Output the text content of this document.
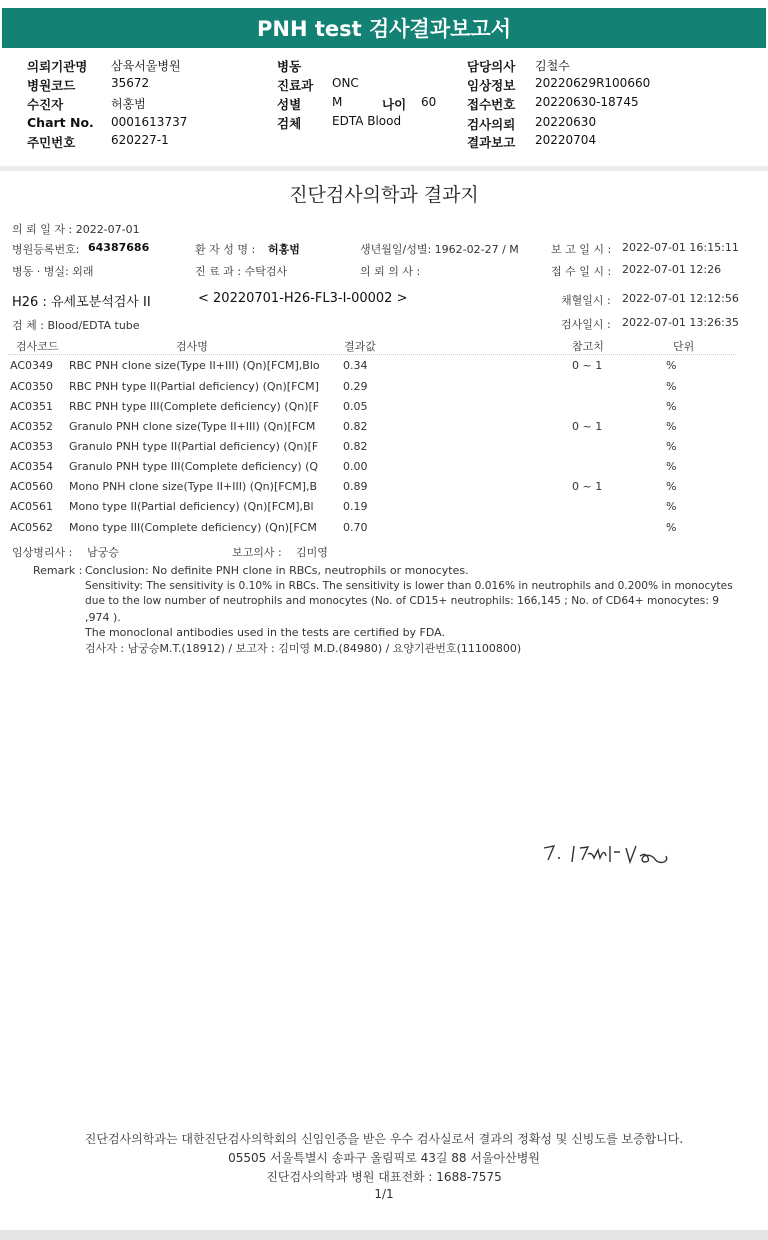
PNH test 검사결과보고서
의뢰기관명 삼육서울병원
병원코드	35672
수진자	허홍범
Chart No. 0001613737
주민번호	620227-1
병동
진료과 ONC
성별	M	나이 60
검체	EDTA Blood
담당의사 김철수
임상정보 20220629R100660
접수번호 20220630-18745
검사의뢰 20220630
결과보고 20220704
진단검사의학과 결과지
의 뢰 일 자 : 2022-07-01
병원등록번호: 64387686	환 자 성 명 : 허홍범	생년월일/성별: 1962-02-27 / M	보 고 일 시 : 2022-07-01 16:15:11
병동 · 병실: 외래	진 료 과 : 수탁검사	의 뢰 의 사 :	접 수 일 시 : 2022-07-01 12:26
H26 : 유세포분석검사 II	< 20220701-H26-FL3-I-00002 >	채혈일시 : 2022-07-01 12:12:56
검 체 : Blood/EDTA tube	검사일시 : 2022-07-01 13:26:35
검사코드	검사명	결과값	참고치	단위
AC0349 RBC PNH clone size(Type II+III) (Qn)[FCM],Blo 0.34	0 ~ 1	%
AC0350 RBC PNH type II(Partial deficiency) (Qn)[FCM] 0.29	%
AC0351 RBC PNH type III(Complete deficiency) (Qn)[F 0.05	%
AC0352 Granulo PNH clone size(Type II+III) (Qn)[FCM	0.82	0 ~ 1	%
AC0353 Granulo PNH type II(Partial deficiency) (Qn)[F 0.82	%
AC0354 Granulo PNH type III(Complete deficiency) (Q 0.00	%
AC0560 Mono PNH clone size(Type II+III) (Qn)[FCM],B 0.89	0 ~ 1	%
AC0561 Mono type II(Partial deficiency) (Qn)[FCM],Bl	0.19	%
AC0562 Mono type III(Complete deficiency) (Qn)[FCM 0.70	%
임상병리사 : 남궁승	보고의사 : 김미영
Remark : Conclusion: No definite PNH clone in RBCs, neutrophils or monocytes.
Sensitivity: The sensitivity is 0.10% in RBCs. The sensitivity is lower than 0.016% in neutrophils and 0.200% in monocytes
due to the low number of neutrophils and monocytes (No. of CD15+ neutrophils: 166,145 ; No. of CD64+ monocytes: 9
,974 ).
The monoclonal antibodies used in the tests are certified by FDA.
검사자 : 남궁승M.T.(18912) / 보고자 : 김미영 M.D.(84980) / 요양기관번호(11100800)
진단검사의학과는 대한진단검사의학회의 신임인증을 받은 우수 검사실로서 결과의 정확성 및 신빙도를 보증합니다.
05505 서울특별시 송파구 올림픽로 43길 88 서울아산병원
진단검사의학과 병원 대표전화 : 1688-7575
1/1
